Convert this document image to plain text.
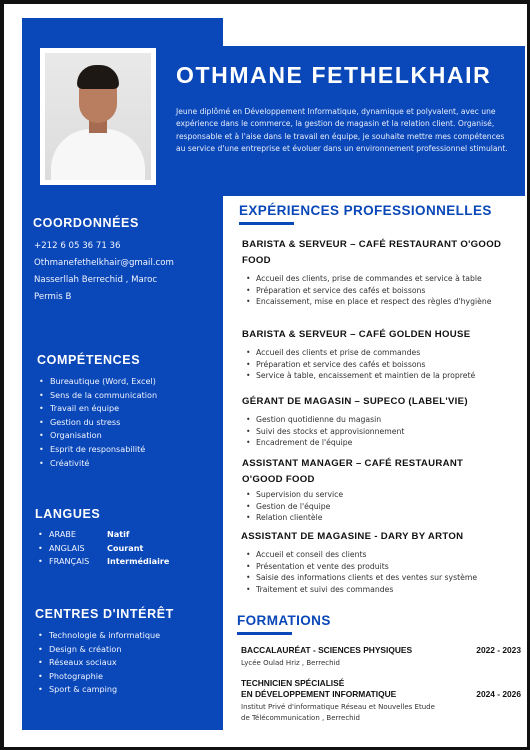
OTHMANE FETHELKHAIR
Jeune diplômé en Développement Informatique, dynamique et polyvalent, avec une expérience dans le commerce, la gestion de magasin et la relation client. Organisé, responsable et à l'aise dans le travail en équipe, je souhaite mettre mes compétences au service d'une entreprise et évoluer dans un environnement professionnel stimulant.
COORDONNÉES
+212 6 05 36 71 36
Othmanefethelkhair@gmail.com
Nasserllah Berrechid , Maroc
Permis B
COMPÉTENCES
• Bureautique (Word, Excel)
• Sens de la communication
• Travail en équipe
• Gestion du stress
• Organisation
• Esprit de responsabilité
• Créativité
LANGUES
• ARABE	Natif
• ANGLAIS	Courant
• FRANÇAIS	Intermédiaire
CENTRES D'INTÉRÊT
• Technologie & informatique
• Design & création
• Réseaux sociaux
• Photographie
• Sport & camping
EXPÉRIENCES PROFESSIONNELLES
BARISTA & SERVEUR – CAFÉ RESTAURANT O'GOOD FOOD
• Accueil des clients, prise de commandes et service à table
• Préparation et service des cafés et boissons
• Encaissement, mise en place et respect des règles d'hygiène
BARISTA & SERVEUR – CAFÉ GOLDEN HOUSE
• Accueil des clients et prise de commandes
• Préparation et service des cafés et boissons
• Service à table, encaissement et maintien de la propreté
GÉRANT DE MAGASIN – SUPECO (LABEL'VIE)
• Gestion quotidienne du magasin
• Suivi des stocks et approvisionnement
• Encadrement de l'équipe
ASSISTANT MANAGER – CAFÉ RESTAURANT O'GOOD FOOD
• Supervision du service
• Gestion de l'équipe
• Relation clientèle
ASSISTANT DE MAGASINE - DARY BY ARTON
• Accueil et conseil des clients
• Présentation et vente des produits
• Saisie des informations clients et des ventes sur système
• Traitement et suivi des commandes
FORMATIONS
BACCALAURÉAT - SCIENCES PHYSIQUES	2022 - 2023
Lycée Oulad Hriz , Berrechid
TECHNICIEN SPÉCIALISÉ
EN DÉVELOPPEMENT INFORMATIQUE	2024 - 2026
Institut Privé d'informatique Réseau et Nouvelles Etude de Télécommunication , Berrechid
